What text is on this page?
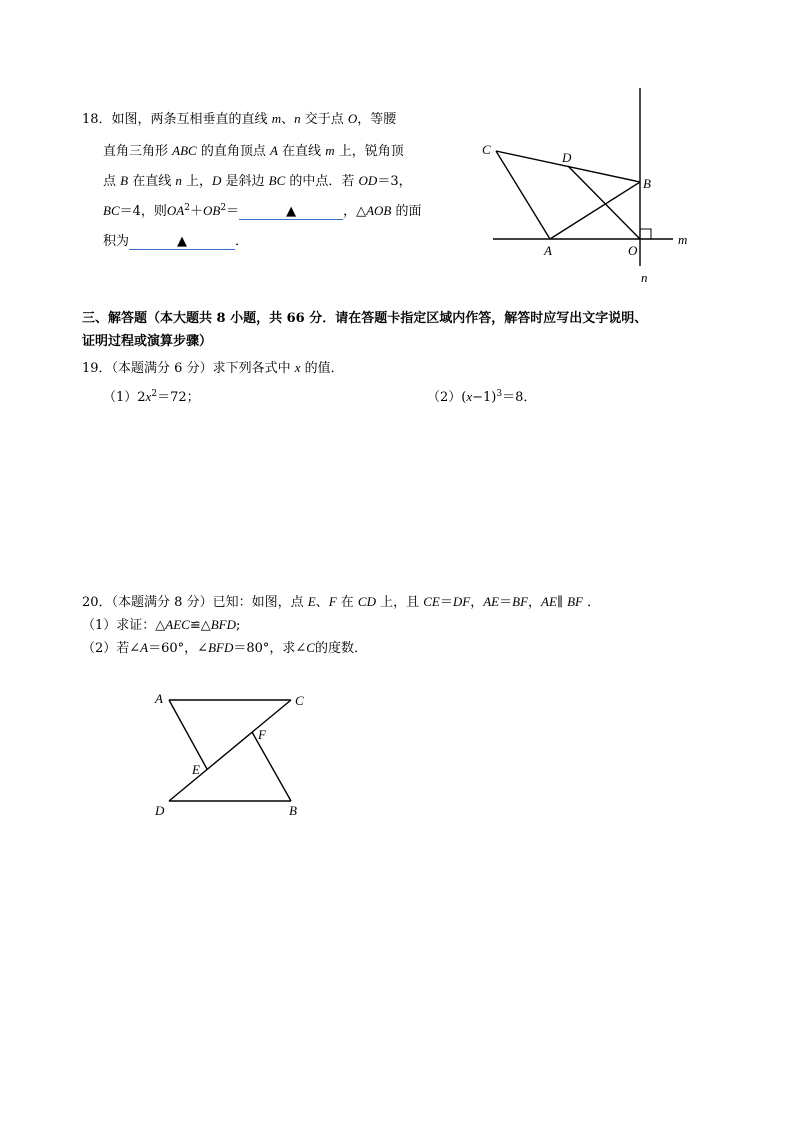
18．如图，两条互相垂直的直线 m、n 交于点 O，等腰
直角三角形 ABC 的直角顶点 A 在直线 m 上，锐角顶
点 B 在直线 n 上，D 是斜边 BC 的中点．若 OD＝3，
BC＝4，则$OA^2+OB^2=$	▲	，△AOB 的面
积为	▲	．
C
D
B
A	O
m
n
三、解答题（本大题共 8 小题，共 66 分．请在答题卡指定区域内作答，解答时应写出文字说明、
证明过程或演算步骤）
19．（本题满分 6 分）求下列各式中 x 的值．
$(1)2x^2=72$；	$(2)(x-1)^3=8$．
20．（本题满分 8 分）已知：如图，点 E、F 在 CD 上，且 CE＝DF，AE＝BF，AE∥ BF ．
（1）求证：△AEC≌△BFD;
（2）若∠A＝60°，∠BFD＝80°，求∠C的度数．
A	C
F
E
D	B
